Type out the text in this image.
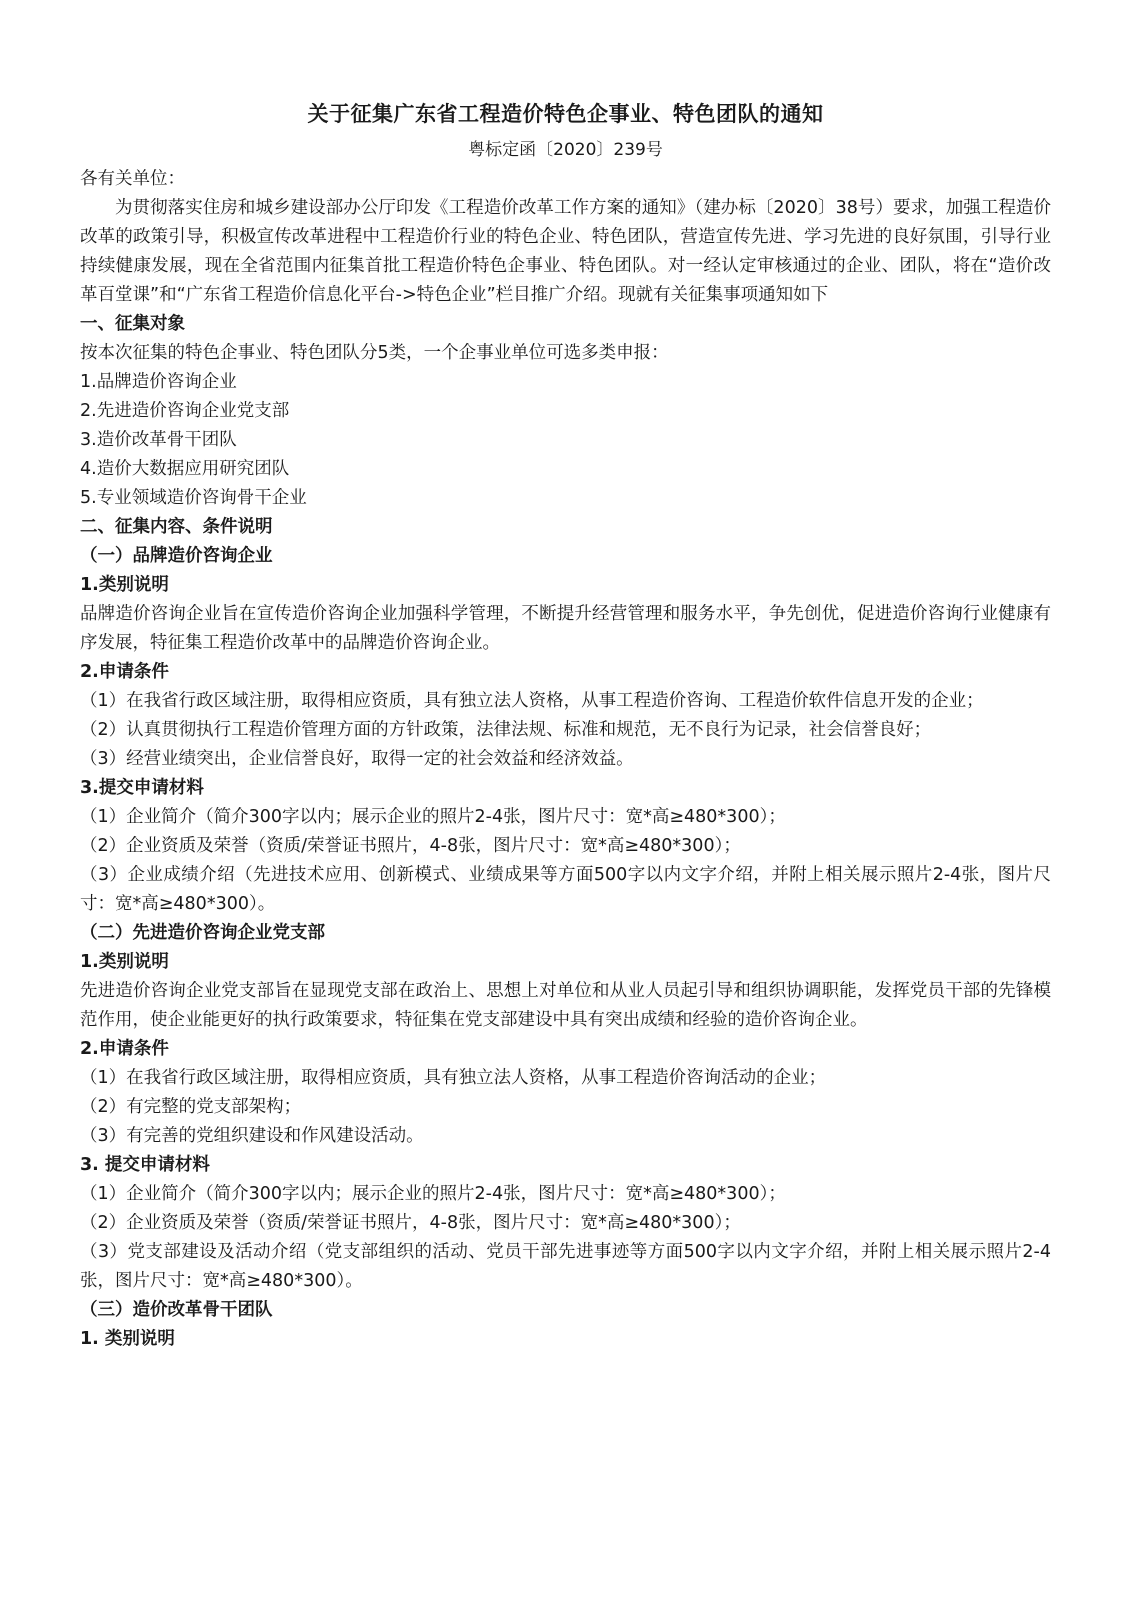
关于征集广东省工程造价特色企事业、特色团队的通知
粤标定函〔2020〕239号

各有关单位：

为贯彻落实住房和城乡建设部办公厅印发《工程造价改革工作方案的通知》（建办标〔2020〕38号）要求，加强工程造价改革的政策引导，积极宣传改革进程中工程造价行业的特色企业、特色团队，营造宣传先进、学习先进的良好氛围，引导行业持续健康发展，现在全省范围内征集首批工程造价特色企事业、特色团队。对一经认定审核通过的企业、团队，将在“造价改革百堂课”和“广东省工程造价信息化平台->特色企业”栏目推广介绍。现就有关征集事项通知如下

一、征集对象

按本次征集的特色企事业、特色团队分5类，一个企事业单位可选多类申报：

1.品牌造价咨询企业

2.先进造价咨询企业党支部

3.造价改革骨干团队

4.造价大数据应用研究团队

5.专业领域造价咨询骨干企业

二、征集内容、条件说明

（一）品牌造价咨询企业

1.类别说明

品牌造价咨询企业旨在宣传造价咨询企业加强科学管理，不断提升经营管理和服务水平，争先创优，促进造价咨询行业健康有序发展，特征集工程造价改革中的品牌造价咨询企业。

2.申请条件

（1）在我省行政区域注册，取得相应资质，具有独立法人资格，从事工程造价咨询、工程造价软件信息开发的企业；

（2）认真贯彻执行工程造价管理方面的方针政策，法律法规、标准和规范，无不良行为记录，社会信誉良好；

（3）经营业绩突出，企业信誉良好，取得一定的社会效益和经济效益。

3.提交申请材料

（1）企业简介（简介300字以内；展示企业的照片2-4张，图片尺寸：宽*高≥480*300）；

（2）企业资质及荣誉（资质/荣誉证书照片，4-8张，图片尺寸：宽*高≥480*300）；

（3）企业成绩介绍（先进技术应用、创新模式、业绩成果等方面500字以内文字介绍，并附上相关展示照片2-4张，图片尺寸：宽*高≥480*300）。

（二）先进造价咨询企业党支部

1.类别说明

先进造价咨询企业党支部旨在显现党支部在政治上、思想上对单位和从业人员起引导和组织协调职能，发挥党员干部的先锋模范作用，使企业能更好的执行政策要求，特征集在党支部建设中具有突出成绩和经验的造价咨询企业。

2.申请条件

（1）在我省行政区域注册，取得相应资质，具有独立法人资格，从事工程造价咨询活动的企业；

（2）有完整的党支部架构；

（3）有完善的党组织建设和作风建设活动。

3. 提交申请材料

（1）企业简介（简介300字以内；展示企业的照片2-4张，图片尺寸：宽*高≥480*300）；

（2）企业资质及荣誉（资质/荣誉证书照片，4-8张，图片尺寸：宽*高≥480*300）；

（3）党支部建设及活动介绍（党支部组织的活动、党员干部先进事迹等方面500字以内文字介绍，并附上相关展示照片2-4张，图片尺寸：宽*高≥480*300）。

（三）造价改革骨干团队

1. 类别说明
